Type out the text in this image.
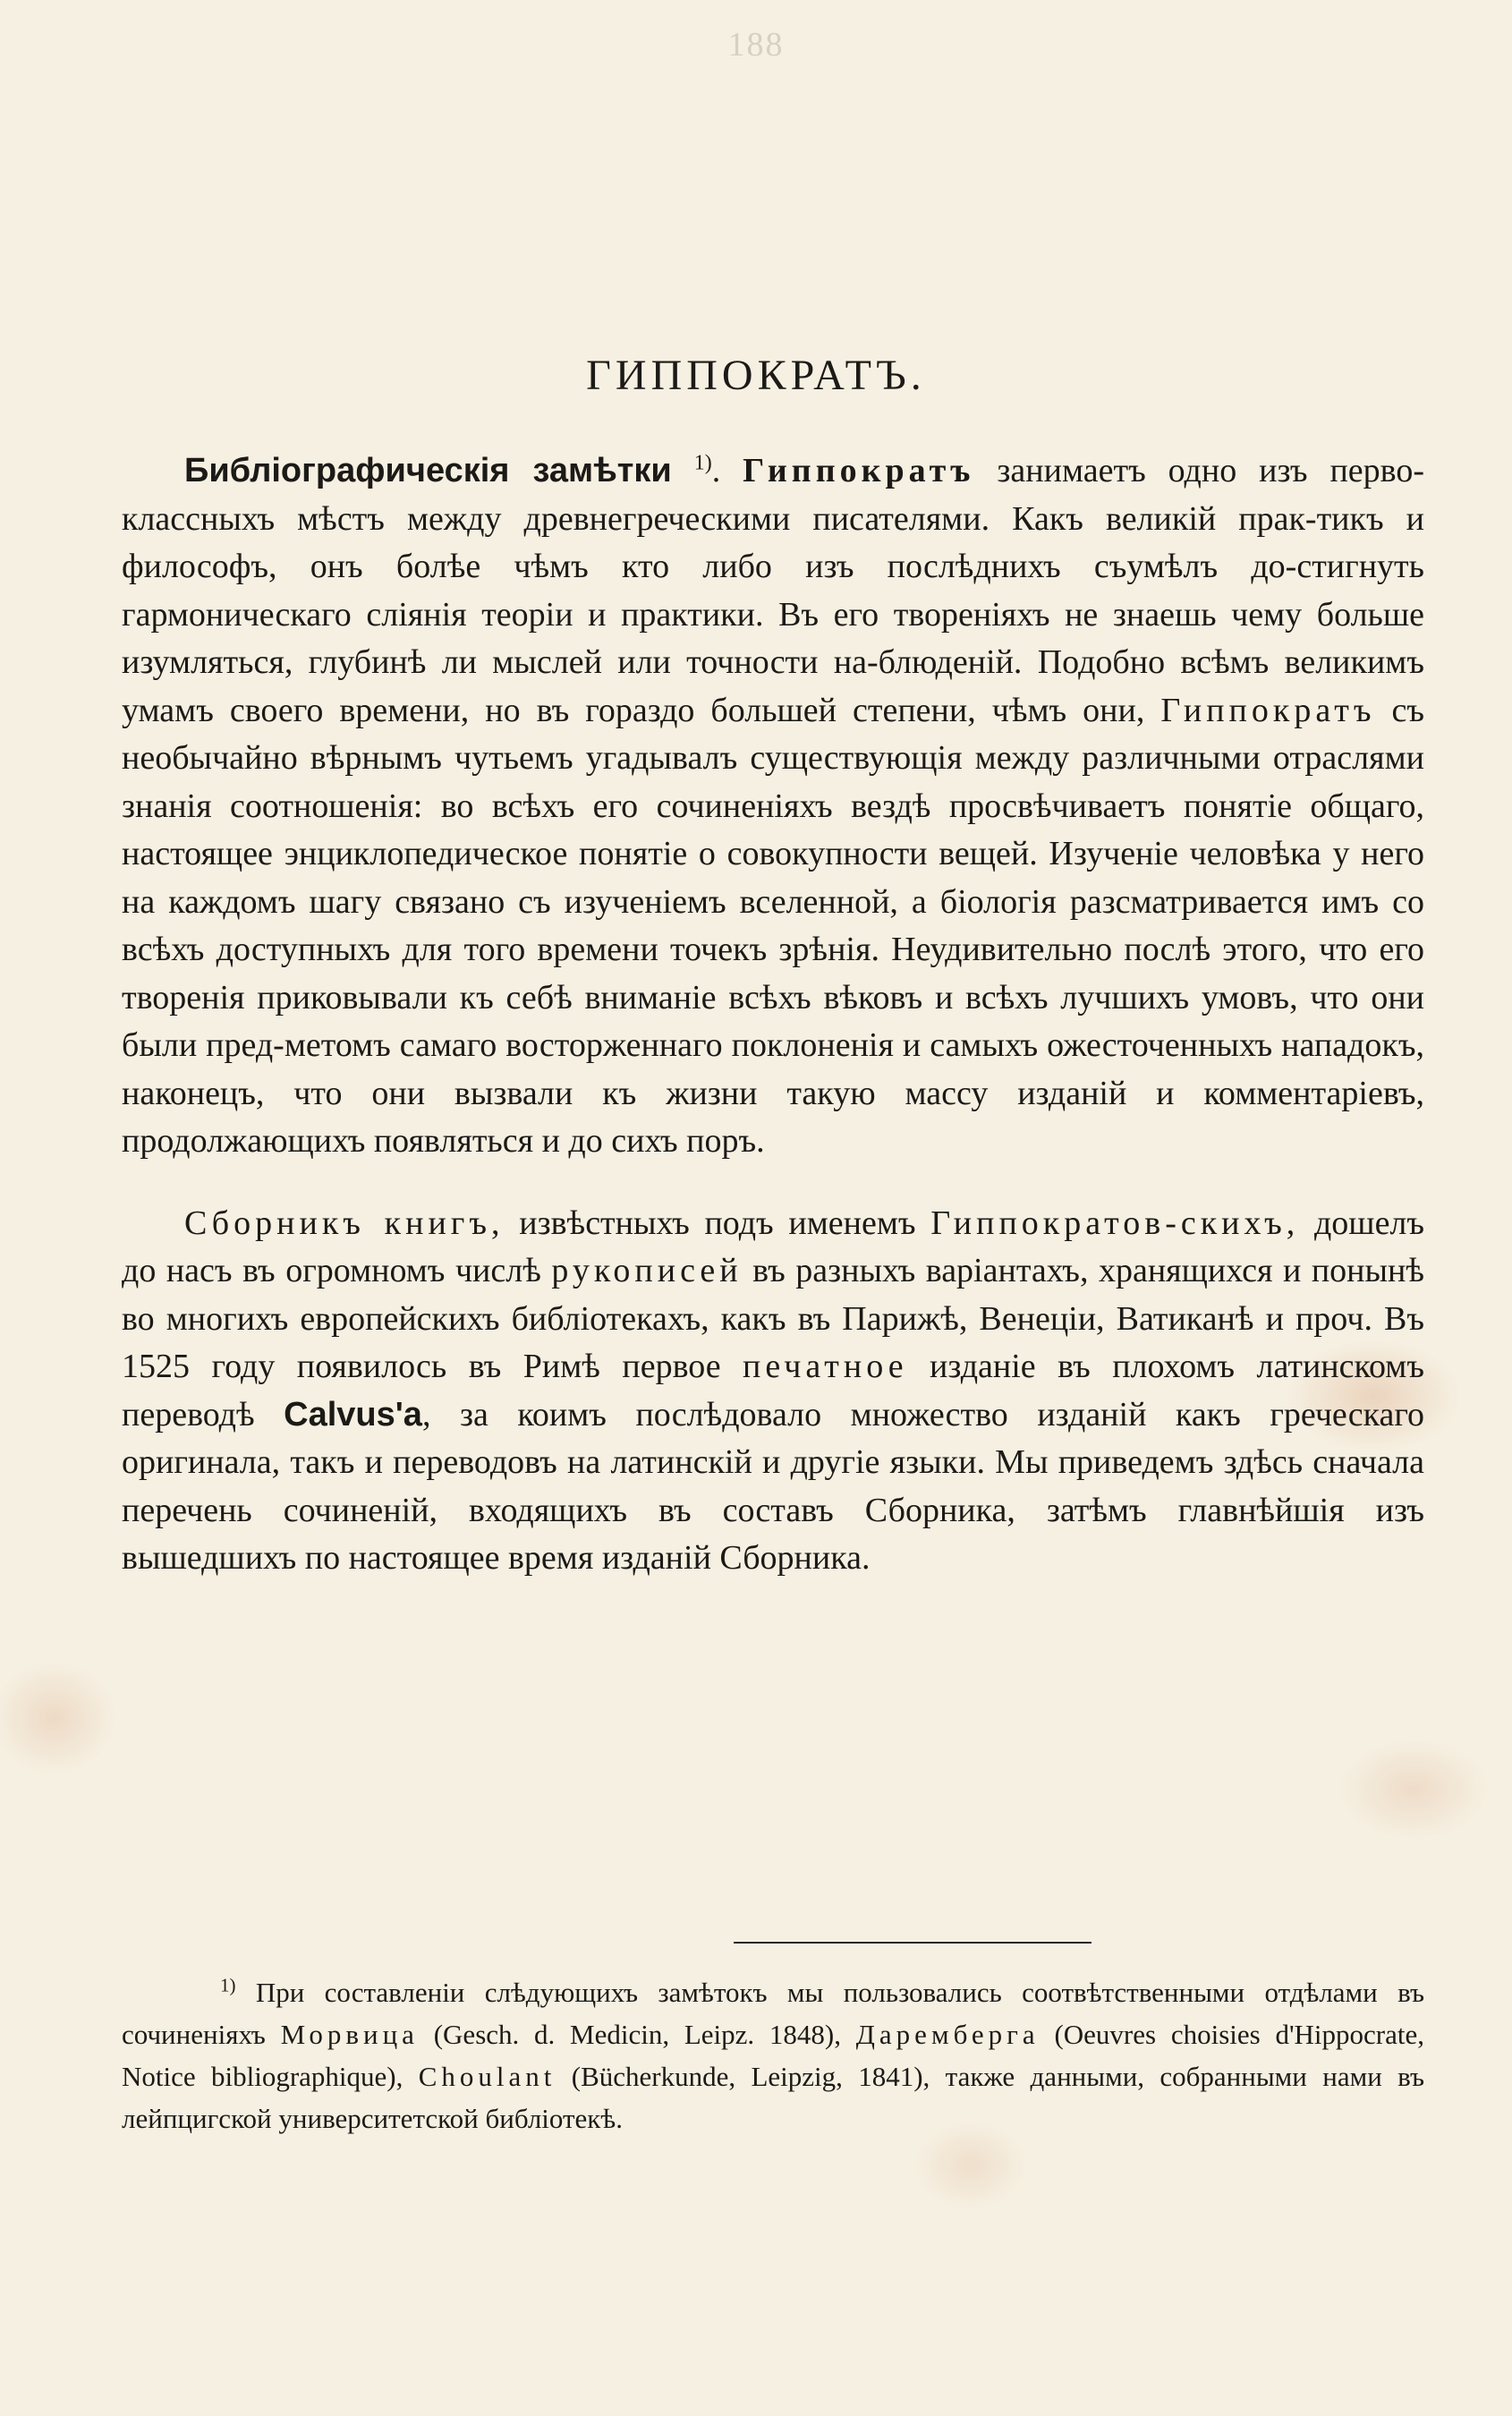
188
ГИППОКРАТЪ.

Библіографическія замѣтки $^{1)}$. Гиппократъ занимаетъ одно изъ перво-классныхъ мѣстъ между древнегреческими писателями. Какъ великій прак-тикъ и философъ, онъ болѣе чѣмъ кто либо изъ послѣднихъ съумѣлъ до-стигнуть гармоническаго сліянія теоріи и практики. Въ его твореніяхъ не знаешь чему больше изумляться, глубинѣ ли мыслей или точности на-блюденій. Подобно всѣмъ великимъ умамъ своего времени, но въ гораздо большей степени, чѣмъ они, Гиппократъ съ необычайно вѣрнымъ чутьемъ угадывалъ существующія между различными отраслями знанія соотношенія: во всѣхъ его сочиненіяхъ вездѣ просвѣчиваетъ понятіе общаго, настоящее энциклопедическое понятіе о совокупности вещей. Изученіе человѣка у него на каждомъ шагу связано съ изученіемъ вселенной, а біологія разсматривается имъ со всѣхъ доступныхъ для того времени точекъ зрѣнія. Неудивительно послѣ этого, что его творенія приковывали къ себѣ вниманіе всѣхъ вѣковъ и всѣхъ лучшихъ умовъ, что они были пред-метомъ самаго восторженнаго поклоненія и самыхъ ожесточенныхъ нападокъ, наконецъ, что они вызвали къ жизни такую массу изданій и комментаріевъ, продолжающихъ появляться и до сихъ поръ.

Сборникъ книгъ, извѣстныхъ подъ именемъ Гиппократов-скихъ, дошелъ до насъ въ огромномъ числѣ рукописей въ разныхъ варіантахъ, хранящихся и понынѣ во многихъ европейскихъ библіотекахъ, какъ въ Парижѣ, Венеціи, Ватиканѣ и проч. Въ 1525 году появилось въ Римѣ первое печатное изданіе въ плохомъ латинскомъ переводѣ Calvus'а, за коимъ послѣдовало множество изданій какъ греческаго оригинала, такъ и переводовъ на латинскій и другіе языки. Мы приведемъ здѣсь сначала перечень сочиненій, входящихъ въ составъ Сборника, затѣмъ главнѣйшія изъ вышедшихъ по настоящее время изданій Сборника.

$^{1)}$ При составленіи слѣдующихъ замѣтокъ мы пользовались соотвѣтственными отдѣлами въ сочиненіяхъ Морвица (Gesch. d. Medicin, Leipz. 1848), Даремберга (Oeuvres choisies d'Hippocrate, Notice bibliographique), Choulant (Bücherkunde, Leipzig, 1841), также данными, собранными нами въ лейпцигской университетской библіотекѣ.
